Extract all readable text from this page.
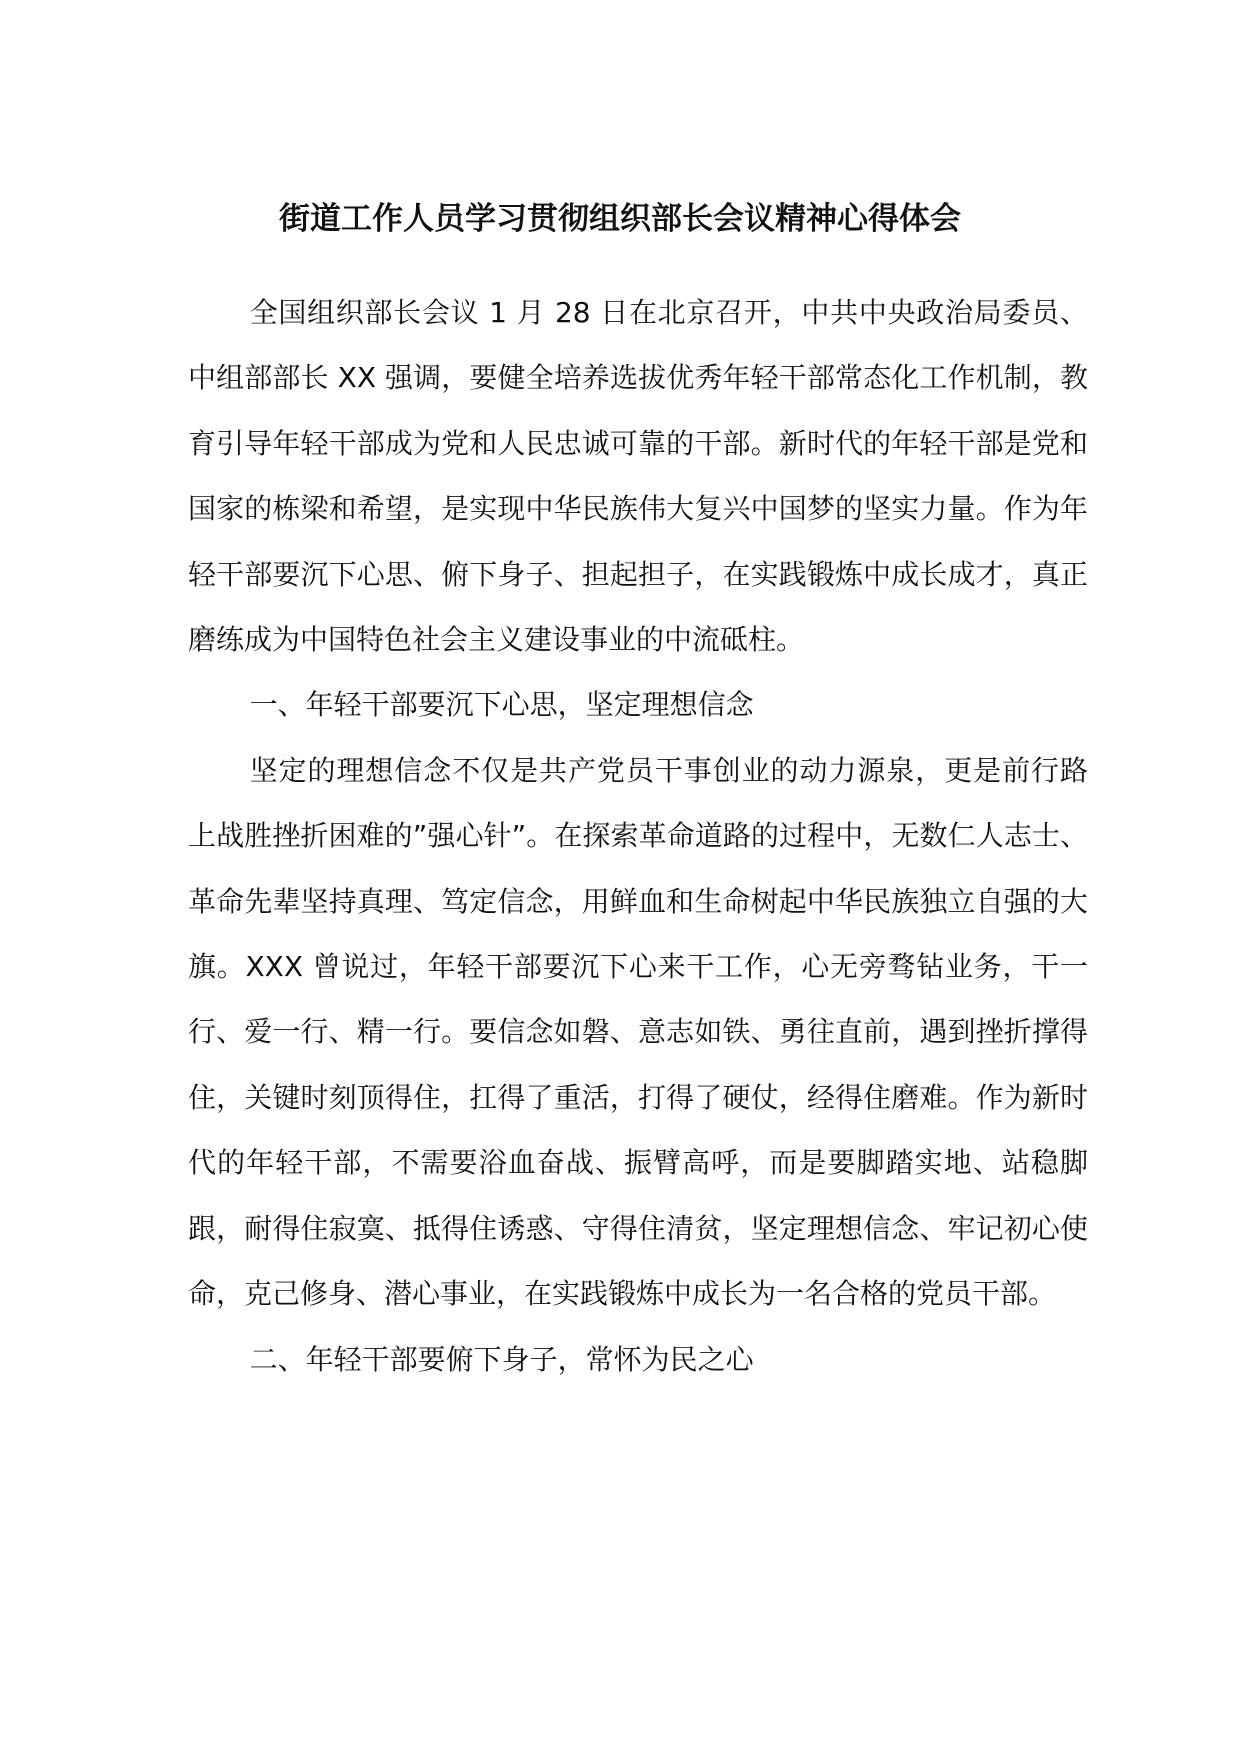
街道工作人员学习贯彻组织部长会议精神心得体会

全国组织部长会议 1 月 28 日在北京召开，中共中央政治局委员、中组部部长 XX 强调，要健全培养选拔优秀年轻干部常态化工作机制，教育引导年轻干部成为党和人民忠诚可靠的干部。新时代的年轻干部是党和国家的栋梁和希望，是实现中华民族伟大复兴中国梦的坚实力量。作为年轻干部要沉下心思、俯下身子、担起担子，在实践锻炼中成长成才，真正磨练成为中国特色社会主义建设事业的中流砥柱。

一、年轻干部要沉下心思，坚定理想信念

坚定的理想信念不仅是共产党员干事创业的动力源泉，更是前行路上战胜挫折困难的”强心针”。在探索革命道路的过程中，无数仁人志士、革命先辈坚持真理、笃定信念，用鲜血和生命树起中华民族独立自强的大旗。XXX 曾说过，年轻干部要沉下心来干工作，心无旁骛钻业务，干一行、爱一行、精一行。要信念如磐、意志如铁、勇往直前，遇到挫折撑得住，关键时刻顶得住，扛得了重活，打得了硬仗，经得住磨难。作为新时代的年轻干部，不需要浴血奋战、振臂高呼，而是要脚踏实地、站稳脚跟，耐得住寂寞、抵得住诱惑、守得住清贫，坚定理想信念、牢记初心使命，克己修身、潜心事业，在实践锻炼中成长为一名合格的党员干部。

二、年轻干部要俯下身子，常怀为民之心
